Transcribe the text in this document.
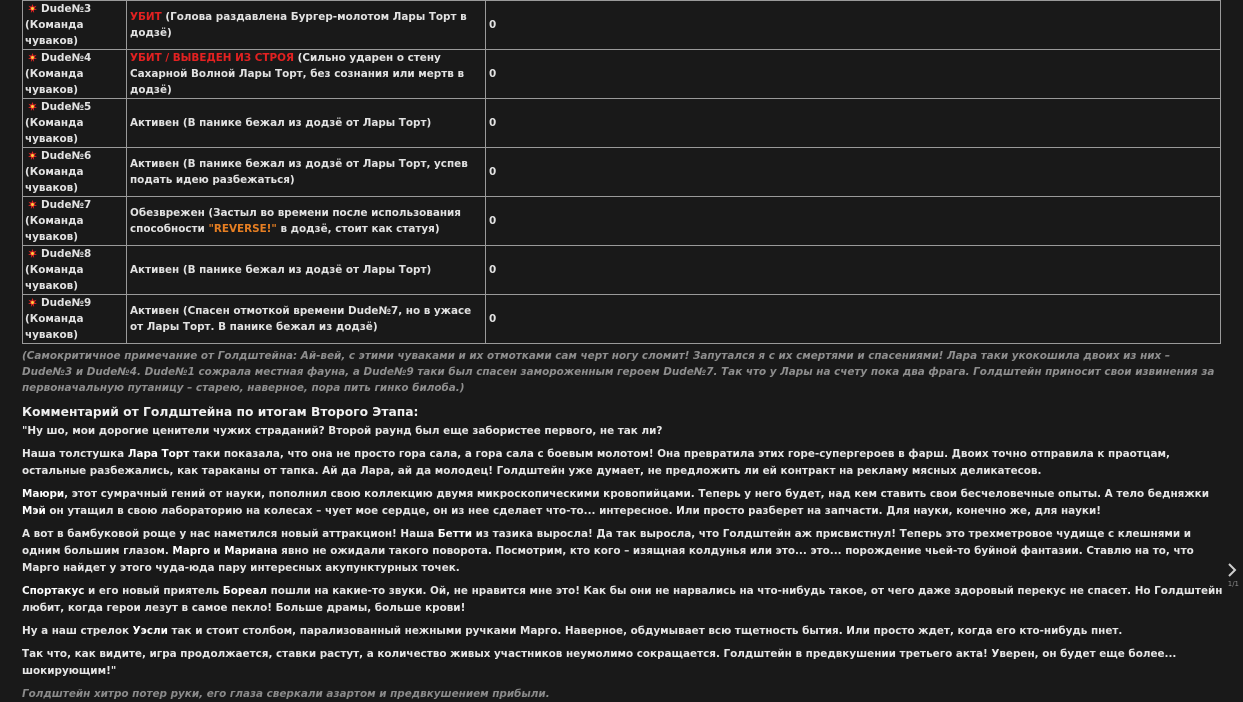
Dude№3
(Команда чуваков)	УБИТ (Голова раздавлена Бургер-молотом Лары Торт в додзё)	0
Dude№4
(Команда чуваков)	УБИТ / ВЫВЕДЕН ИЗ СТРОЯ (Сильно ударен о стену Сахарной Волной Лары Торт, без сознания или мертв в додзё)	0
Dude№5
(Команда чуваков)	Активен (В панике бежал из додзё от Лары Торт)	0
Dude№6
(Команда чуваков)	Активен (В панике бежал из додзё от Лары Торт, успев подать идею разбежаться)	0
Dude№7
(Команда чуваков)	Обезврежен (Застыл во времени после использования способности "REVERSE!" в додзё, стоит как статуя)	0
Dude№8
(Команда чуваков)	Активен (В панике бежал из додзё от Лары Торт)	0
Dude№9
(Команда чуваков)	Активен (Спасен отмоткой времени Dude№7, но в ужасе от Лары Торт. В панике бежал из додзё)	0

(Самокритичное примечание от Голдштейна: Ай-вей, с этими чуваками и их отмотками сам черт ногу сломит! Запутался я с их смертями и спасениями! Лара таки укокошила двоих из них – Dude№3 и Dude№4. Dude№1 сожрала местная фауна, а Dude№9 таки был спасен замороженным героем Dude№7. Так что у Лары на счету пока два фрага. Голдштейн приносит свои извинения за первоначальную путаницу – старею, наверное, пора пить гинко билоба.)

Комментарий от Голдштейна по итогам Второго Этапа:

"Ну шо, мои дорогие ценители чужих страданий? Второй раунд был еще забористее первого, не так ли?

Наша толстушка Лара Торт таки показала, что она не просто гора сала, а гора сала с боевым молотом! Она превратила этих горе-супергероев в фарш. Двоих точно отправила к праотцам, остальные разбежались, как тараканы от тапка. Ай да Лара, ай да молодец! Голдштейн уже думает, не предложить ли ей контракт на рекламу мясных деликатесов.

Маюри, этот сумрачный гений от науки, пополнил свою коллекцию двумя микроскопическими кровопийцами. Теперь у него будет, над кем ставить свои бесчеловечные опыты. А тело бедняжки Мэй он утащил в свою лабораторию на колесах – чует мое сердце, он из нее сделает что-то... интересное. Или просто разберет на запчасти. Для науки, конечно же, для науки!

А вот в бамбуковой роще у нас наметился новый аттракцион! Наша Бетти из тазика выросла! Да так выросла, что Голдштейн аж присвистнул! Теперь это трехметровое чудище с клешнями и одним большим глазом. Марго и Мариана явно не ожидали такого поворота. Посмотрим, кто кого – изящная колдунья или это... это... порождение чьей-то буйной фантазии. Ставлю на то, что Марго найдет у этого чуда-юда пару интересных акупунктурных точек.

Спортакус и его новый приятель Бореал пошли на какие-то звуки. Ой, не нравится мне это! Как бы они не нарвались на что-нибудь такое, от чего даже здоровый перекус не спасет. Но Голдштейн любит, когда герои лезут в самое пекло! Больше драмы, больше крови!

Ну а наш стрелок Уэсли так и стоит столбом, парализованный нежными ручками Марго. Наверное, обдумывает всю тщетность бытия. Или просто ждет, когда его кто-нибудь пнет.

Так что, как видите, игра продолжается, ставки растут, а количество живых участников неумолимо сокращается. Голдштейн в предвкушении третьего акта! Уверен, он будет еще более... шокирующим!"

Голдштейн хитро потер руки, его глаза сверкали азартом и предвкушением прибыли.

1/1
